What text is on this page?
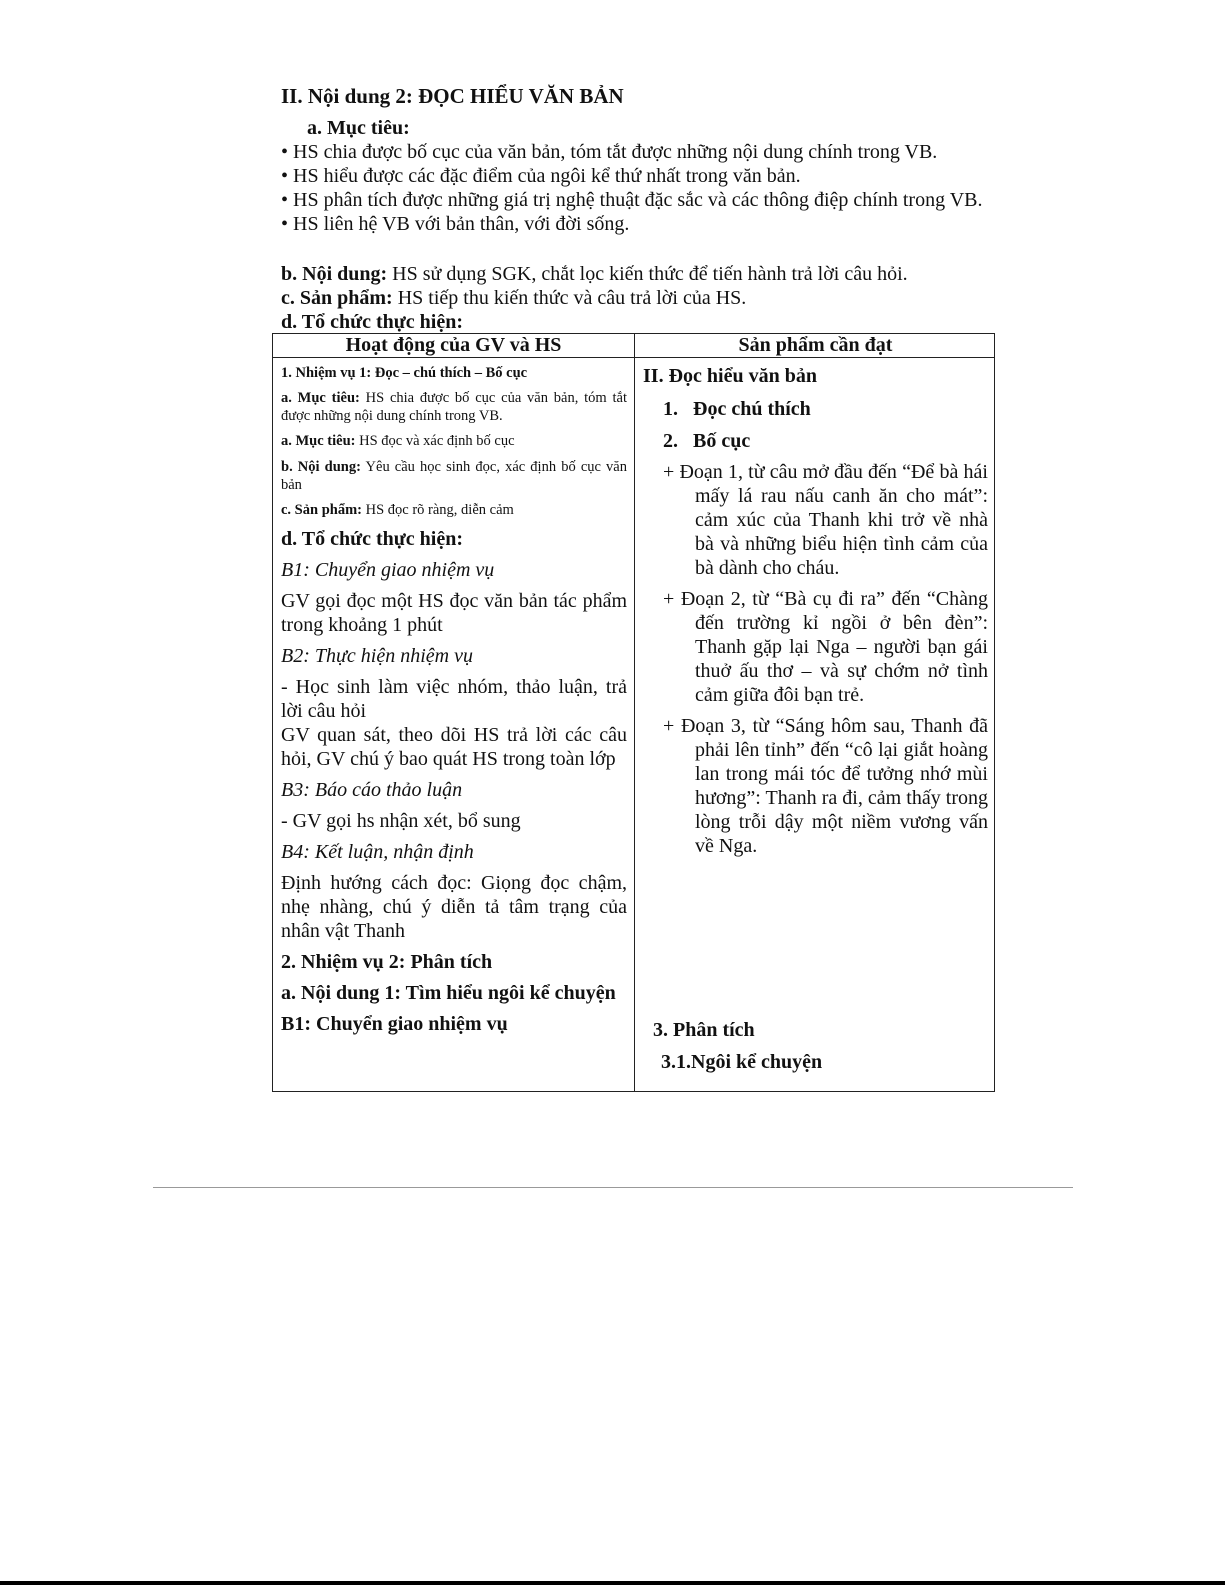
II. Nội dung 2: ĐỌC HIỂU VĂN BẢN
a. Mục tiêu:
• HS chia được bố cục của văn bản, tóm tắt được những nội dung chính trong VB.
• HS hiểu được các đặc điểm của ngôi kể thứ nhất trong văn bản.
• HS phân tích được những giá trị nghệ thuật đặc sắc và các thông điệp chính trong VB.
• HS liên hệ VB với bản thân, với đời sống.
b. Nội dung: HS sử dụng SGK, chắt lọc kiến thức để tiến hành trả lời câu hỏi.
c. Sản phẩm: HS tiếp thu kiến thức và câu trả lời của HS.
d. Tổ chức thực hiện:
Hoạt động của GV và HS	Sản phẩm cần đạt
1. Nhiệm vụ 1: Đọc – chú thích – Bố cục
a. Mục tiêu: HS chia được bố cục của văn bản, tóm tắt được những nội dung chính trong VB.
a. Mục tiêu: HS đọc và xác định bố cục
b. Nội dung: Yêu cầu học sinh đọc, xác định bố cục văn bản
c. Sản phẩm: HS đọc rõ ràng, diễn cảm
d. Tổ chức thực hiện:
B1: Chuyển giao nhiệm vụ
GV gọi đọc một HS đọc văn bản tác phẩm trong khoảng 1 phút
B2: Thực hiện nhiệm vụ
- Học sinh làm việc nhóm, thảo luận, trả lời câu hỏi
GV quan sát, theo dõi HS trả lời các câu hỏi, GV chú ý bao quát HS trong toàn lớp
B3: Báo cáo thảo luận
- GV gọi hs nhận xét, bổ sung
B4: Kết luận, nhận định
Định hướng cách đọc: Giọng đọc chậm, nhẹ nhàng, chú ý diễn tả tâm trạng của nhân vật Thanh
2. Nhiệm vụ 2: Phân tích
a. Nội dung 1: Tìm hiểu ngôi kể chuyện
B1: Chuyển giao nhiệm vụ
II. Đọc hiểu văn bản
1.   Đọc chú thích
2.   Bố cục
+ Đoạn 1, từ câu mở đầu đến “Để bà hái mấy lá rau nấu canh ăn cho mát”: cảm xúc của Thanh khi trở về nhà bà và những biểu hiện tình cảm của bà dành cho cháu.
+ Đoạn 2, từ “Bà cụ đi ra” đến “Chàng đến trường kỉ ngồi ở bên đèn”: Thanh gặp lại Nga – người bạn gái thuở ấu thơ – và sự chớm nở tình cảm giữa đôi bạn trẻ.
+ Đoạn 3, từ “Sáng hôm sau, Thanh đã phải lên tỉnh” đến “cô lại giắt hoàng lan trong mái tóc để tưởng nhớ mùi hương”: Thanh ra đi, cảm thấy trong lòng trỗi dậy một niềm vương vấn về Nga.
3. Phân tích
3.1.Ngôi kể chuyện
